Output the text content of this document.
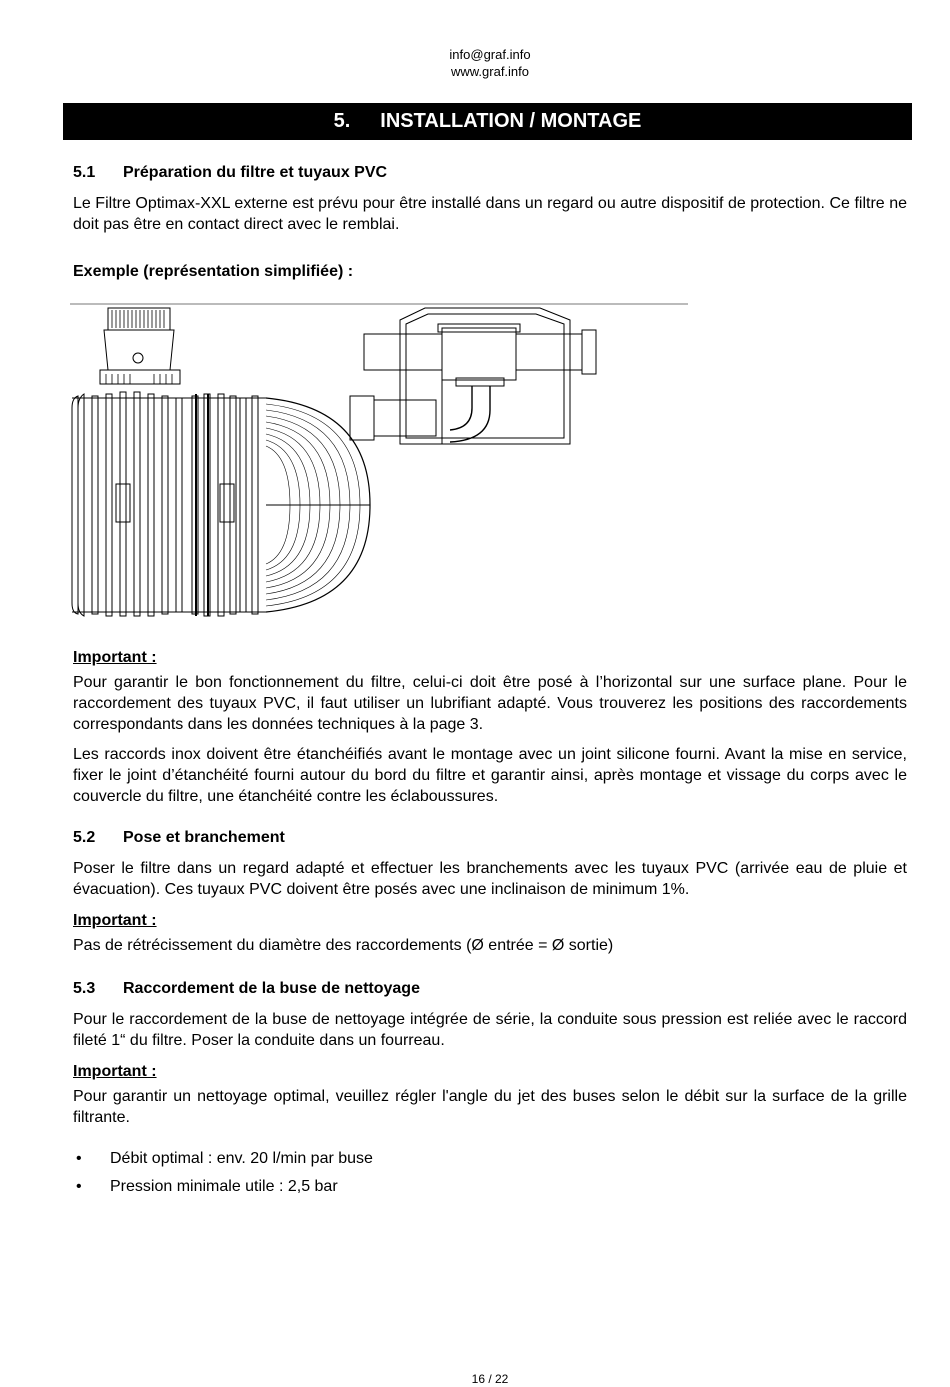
info@graf.info
www.graf.info
5. INSTALLATION / MONTAGE
5.1 Préparation du filtre et tuyaux PVC
Le Filtre Optimax-XXL externe est prévu pour être installé dans un regard ou autre dispositif de protection. Ce filtre ne doit pas être en contact direct avec le remblai.
Exemple (représentation simplifiée) :
Important :
Pour garantir le bon fonctionnement du filtre, celui-ci doit être posé à l’horizontal sur une surface plane. Pour le raccordement des tuyaux PVC, il faut utiliser un lubrifiant adapté. Vous trouverez les positions des raccordements correspondants dans les données techniques à la page 3.
Les raccords inox doivent être étanchéifiés avant le montage avec un joint silicone fourni. Avant la mise en service, fixer le joint d’étanchéité fourni autour du bord du filtre et garantir ainsi, après montage et vissage du corps avec le couvercle du filtre, une étanchéité contre les éclaboussures.
5.2 Pose et branchement
Poser le filtre dans un regard adapté et effectuer les branchements avec les tuyaux PVC (arrivée eau de pluie et évacuation). Ces tuyaux PVC doivent être posés avec une inclinaison de minimum 1%.
Important :
Pas de rétrécissement du diamètre des raccordements (Ø entrée = Ø sortie)
5.3 Raccordement de la buse de nettoyage
Pour le raccordement de la buse de nettoyage intégrée de série, la conduite sous pression est reliée avec le raccord fileté 1“ du filtre. Poser la conduite dans un fourreau.
Important :
Pour garantir un nettoyage optimal, veuillez régler l'angle du jet des buses selon le débit sur la surface de la grille filtrante.
• Débit optimal : env. 20 l/min par buse
• Pression minimale utile : 2,5 bar
16 / 22
